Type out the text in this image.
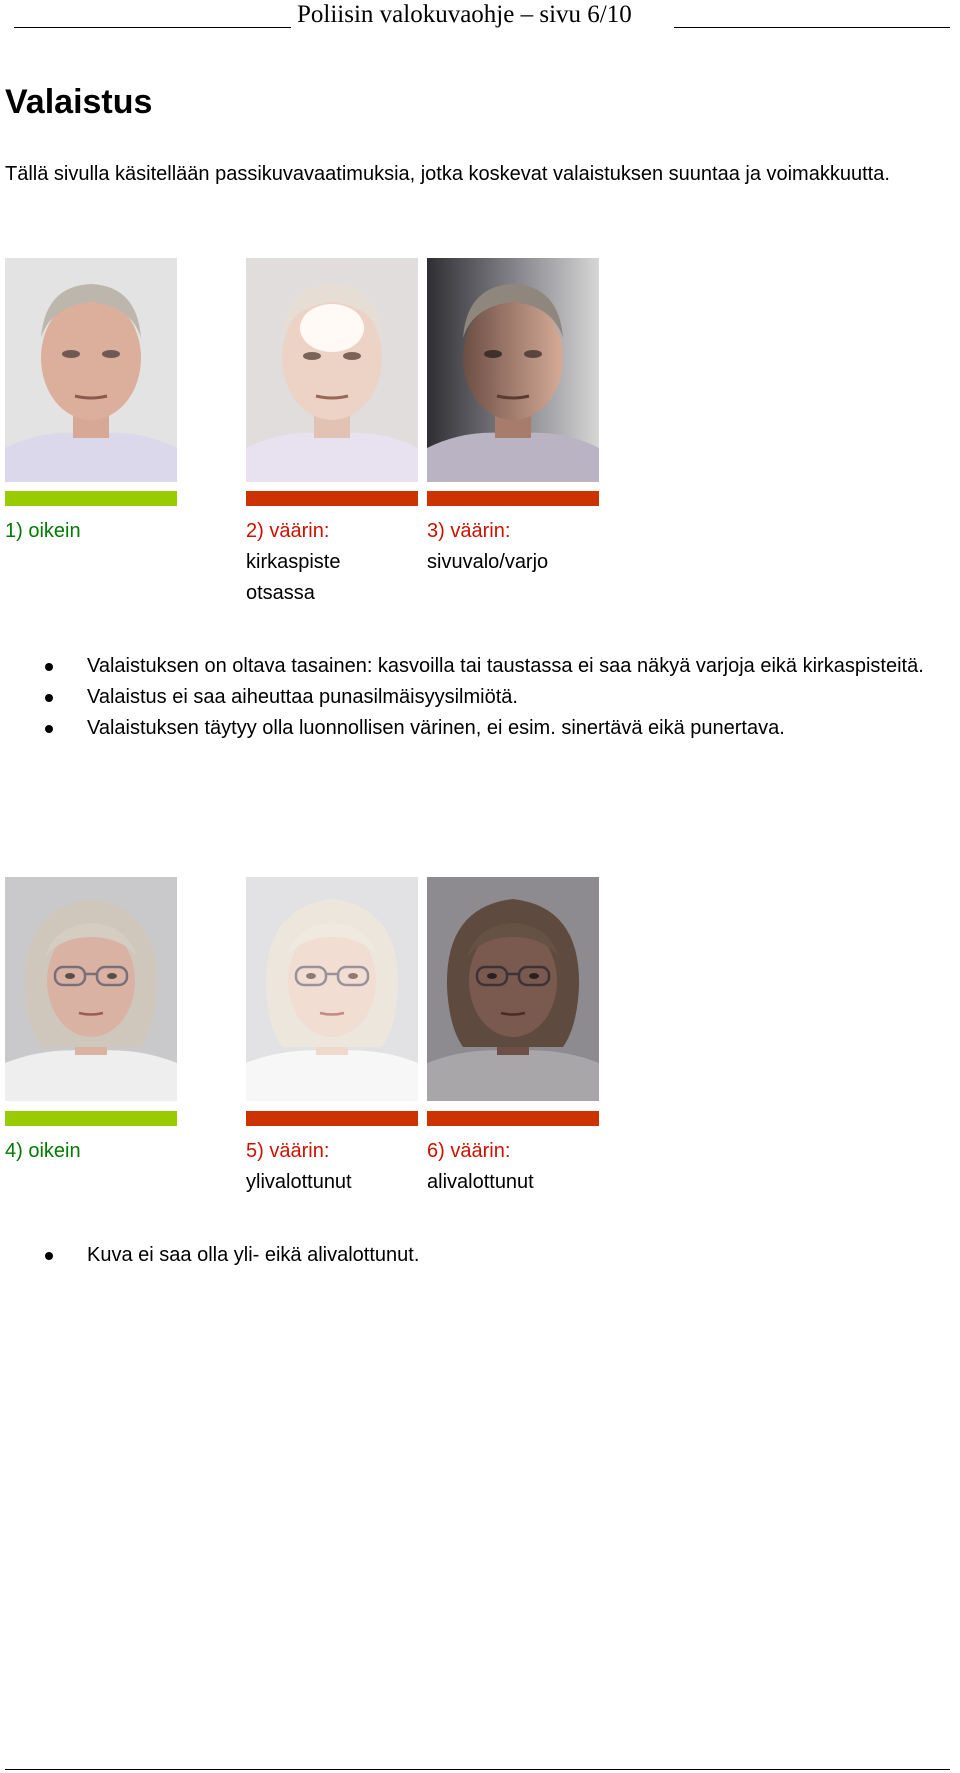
Poliisin valokuvaohje – sivu 6/10
Valaistus
Tällä sivulla käsitellään passikuvavaatimuksia, jotka koskevat valaistuksen suuntaa ja voimakkuutta.
1) oikein	2) väärin:
kirkaspiste otsassa
3) väärin:
sivuvalo/varjo
Valaistuksen on oltava tasainen: kasvoilla tai taustassa ei saa näkyä varjoja eikä kirkaspisteitä.
Valaistus ei saa aiheuttaa punasilmäisyysilmiötä.
Valaistuksen täytyy olla luonnollisen värinen, ei esim. sinertävä eikä punertava.
4) oikein	5) väärin:
ylivalottunut
6) väärin:
alivalottunut
Kuva ei saa olla yli- eikä alivalottunut.
